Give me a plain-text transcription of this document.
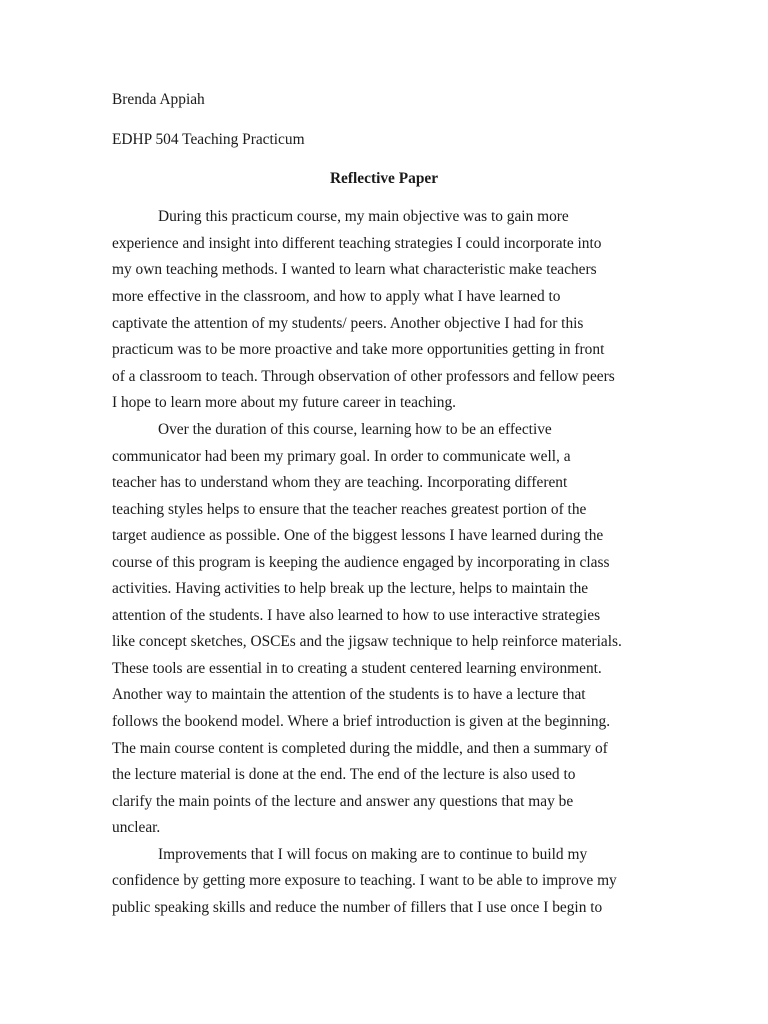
Brenda Appiah

EDHP 504 Teaching Practicum

Reflective Paper

During this practicum course, my main objective was to gain more

experience and insight into different teaching strategies I could incorporate into

my own teaching methods. I wanted to learn what characteristic make teachers

more effective in the classroom, and how to apply what I have learned to

captivate the attention of my students/ peers. Another objective I had for this

practicum was to be more proactive and take more opportunities getting in front

of a classroom to teach. Through observation of other professors and fellow peers

I hope to learn more about my future career in teaching.

Over the duration of this course, learning how to be an effective

communicator had been my primary goal. In order to communicate well, a

teacher has to understand whom they are teaching. Incorporating different

teaching styles helps to ensure that the teacher reaches greatest portion of the

target audience as possible. One of the biggest lessons I have learned during the

course of this program is keeping the audience engaged by incorporating in class

activities. Having activities to help break up the lecture, helps to maintain the

attention of the students. I have also learned to how to use interactive strategies

like concept sketches, OSCEs and the jigsaw technique to help reinforce materials.

These tools are essential in to creating a student centered learning environment.

Another way to maintain the attention of the students is to have a lecture that

follows the bookend model. Where a brief introduction is given at the beginning.

The main course content is completed during the middle, and then a summary of

the lecture material is done at the end. The end of the lecture is also used to

clarify the main points of the lecture and answer any questions that may be

unclear.

Improvements that I will focus on making are to continue to build my

confidence by getting more exposure to teaching. I want to be able to improve my

public speaking skills and reduce the number of fillers that I use once I begin to
